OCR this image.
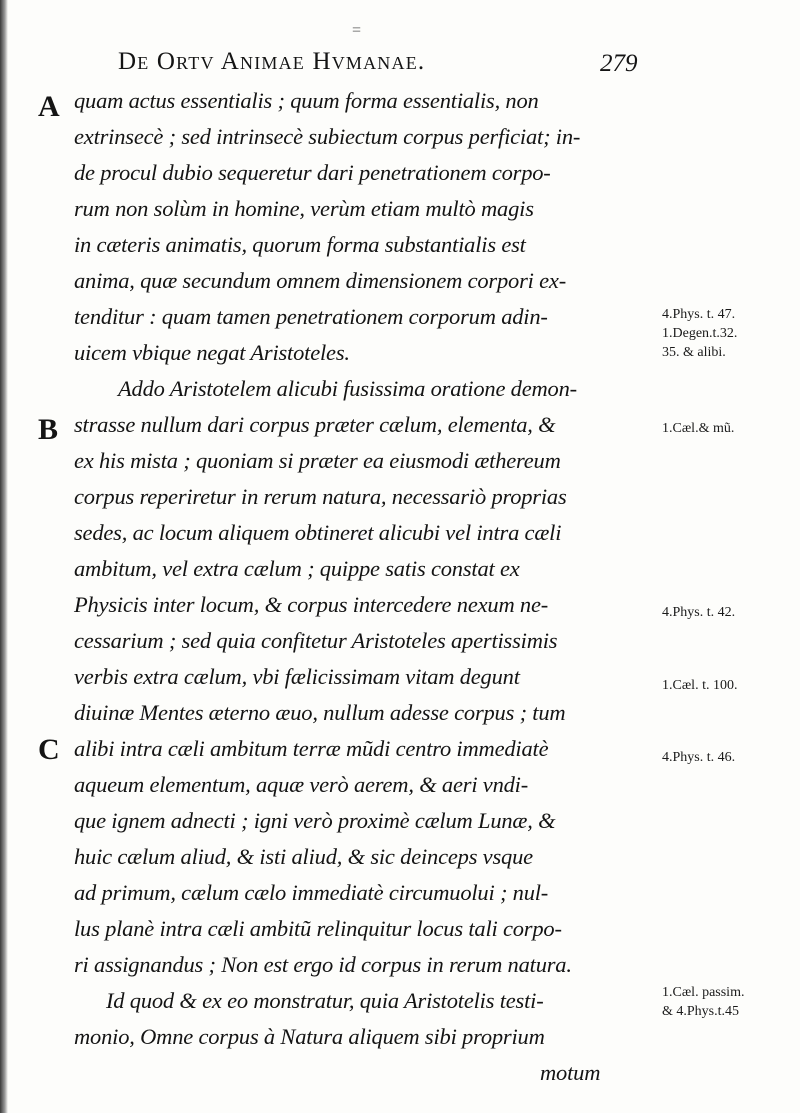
=
De Ortv Animae Hvmanae.	279
A
B
C
quam actus essentialis ; quum forma essentialis, non
extrinsecè ; sed intrinsecè subiectum corpus perficiat; in-
de procul dubio sequeretur dari penetrationem corpo-
rum non solùm in homine, verùm etiam multò magis
in cæteris animatis, quorum forma substantialis est
anima, quæ secundum omnem dimensionem corpori ex-
tenditur : quam tamen penetrationem corporum adin-
uicem vbique negat Aristoteles.
Addo Aristotelem alicubi fusissima oratione demon-
strasse nullum dari corpus præter cælum, elementa, &
ex his mista ; quoniam si præter ea eiusmodi æthereum
corpus reperiretur in rerum natura, necessariò proprias
sedes, ac locum aliquem obtineret alicubi vel intra cæli
ambitum, vel extra cælum ; quippe satis constat ex
Physicis inter locum, & corpus intercedere nexum ne-
cessarium ; sed quia confitetur Aristoteles apertissimis
verbis extra cælum, vbi fælicissimam vitam degunt
diuinæ Mentes æterno æuo, nullum adesse corpus ; tum
alibi intra cæli ambitum terræ mũdi centro immediatè
aqueum elementum, aquæ verò aerem, & aeri vndi-
que ignem adnecti ; igni verò proximè cælum Lunæ, &
huic cælum aliud, & isti aliud, & sic deinceps vsque
ad primum, cælum cælo immediatè circumuolui ; nul-
lus planè intra cæli ambitũ relinquitur locus tali corpo-
ri assignandus ; Non est ergo id corpus in rerum natura.
Id quod & ex eo monstratur, quia Aristotelis testi-
monio, Omne corpus à Natura aliquem sibi proprium
motum
4.Phys. t. 47.
1.Degen.t.32.
35. & alibi.
1.Cæl.& mũ.
4.Phys. t. 42.
1.Cæl. t. 100.
4.Phys. t. 46.
1.Cæl. passim.
& 4.Phys.t.45
